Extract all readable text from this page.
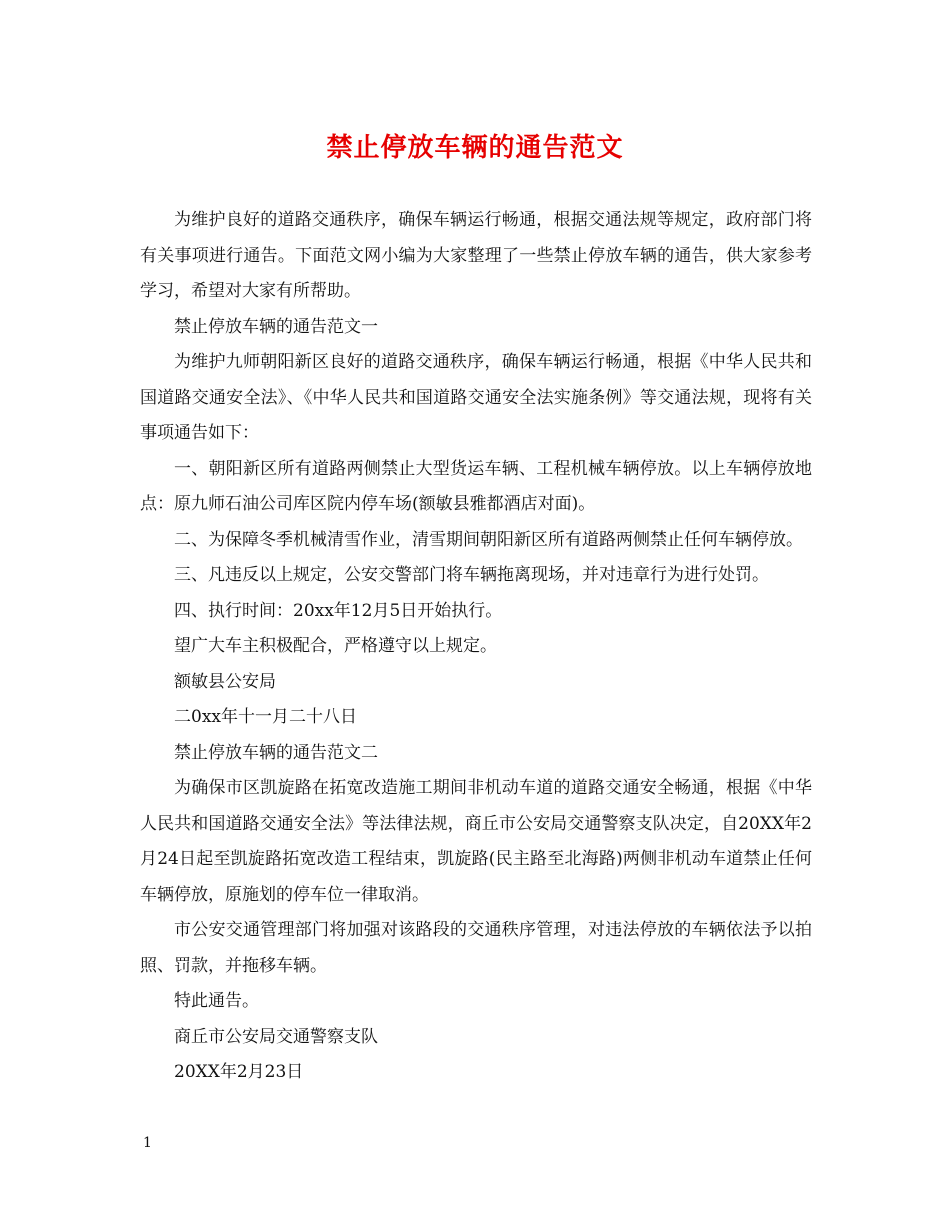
禁止停放车辆的通告范文

为维护良好的道路交通秩序，确保车辆运行畅通，根据交通法规等规定，政府部门将有关事项进行通告。下面范文网小编为大家整理了一些禁止停放车辆的通告，供大家参考学习，希望对大家有所帮助。

禁止停放车辆的通告范文一

为维护九师朝阳新区良好的道路交通秩序，确保车辆运行畅通，根据《中华人民共和国道路交通安全法》、《中华人民共和国道路交通安全法实施条例》等交通法规，现将有关事项通告如下：

一、朝阳新区所有道路两侧禁止大型货运车辆、工程机械车辆停放。以上车辆停放地点：原九师石油公司库区院内停车场(额敏县雅都酒店对面)。

二、为保障冬季机械清雪作业，清雪期间朝阳新区所有道路两侧禁止任何车辆停放。

三、凡违反以上规定，公安交警部门将车辆拖离现场，并对违章行为进行处罚。

四、执行时间：20xx年12月5日开始执行。

望广大车主积极配合，严格遵守以上规定。

额敏县公安局

二0xx年十一月二十八日

禁止停放车辆的通告范文二

为确保市区凯旋路在拓宽改造施工期间非机动车道的道路交通安全畅通，根据《中华人民共和国道路交通安全法》等法律法规，商丘市公安局交通警察支队决定，自20XX年2月24日起至凯旋路拓宽改造工程结束，凯旋路(民主路至北海路)两侧非机动车道禁止任何车辆停放，原施划的停车位一律取消。

市公安交通管理部门将加强对该路段的交通秩序管理，对违法停放的车辆依法予以拍照、罚款，并拖移车辆。

特此通告。

商丘市公安局交通警察支队

20XX年2月23日

1
